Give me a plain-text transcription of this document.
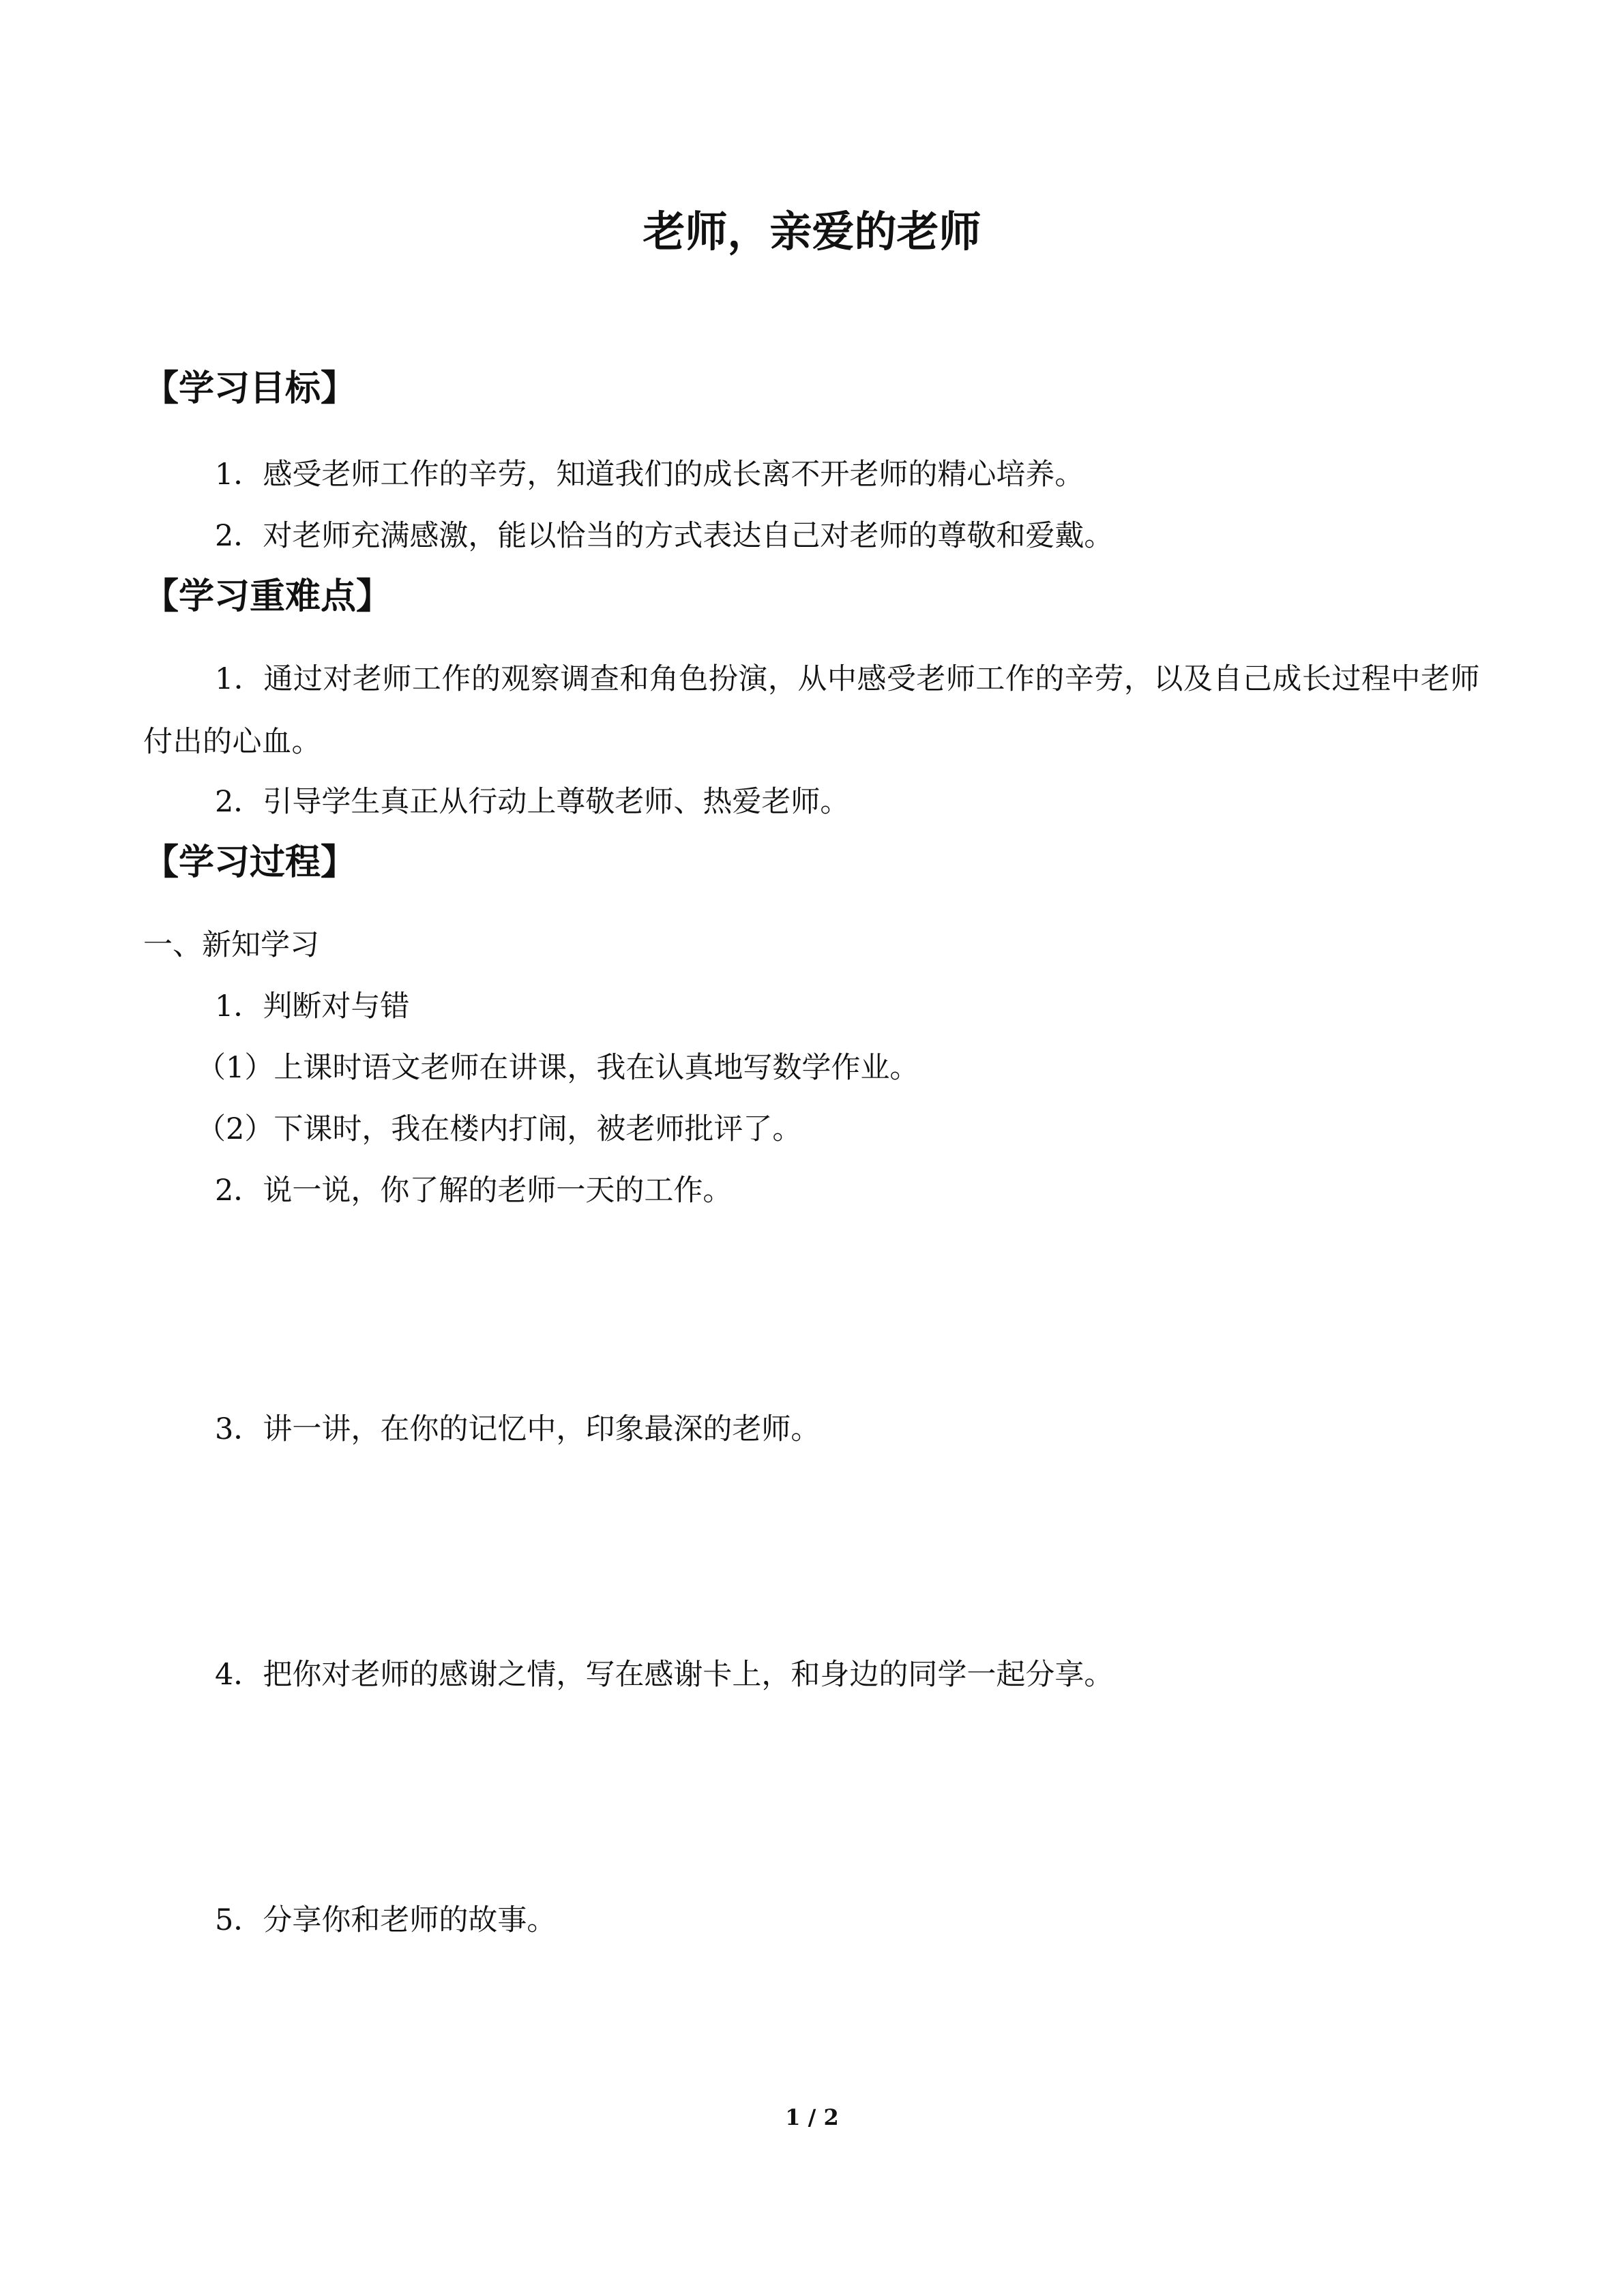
老师，亲爱的老师
【学习目标】
1．感受老师工作的辛劳，知道我们的成长离不开老师的精心培养。
2．对老师充满感激，能以恰当的方式表达自己对老师的尊敬和爱戴。
【学习重难点】
1．通过对老师工作的观察调查和角色扮演，从中感受老师工作的辛劳，以及自己成长过程中老师付出的心血。
2．引导学生真正从行动上尊敬老师、热爱老师。
【学习过程】
一、新知学习
1．判断对与错
（1）上课时语文老师在讲课，我在认真地写数学作业。
（2）下课时，我在楼内打闹，被老师批评了。
2．说一说，你了解的老师一天的工作。
3．讲一讲，在你的记忆中，印象最深的老师。
4．把你对老师的感谢之情，写在感谢卡上，和身边的同学一起分享。
5．分享你和老师的故事。
1 / 2
